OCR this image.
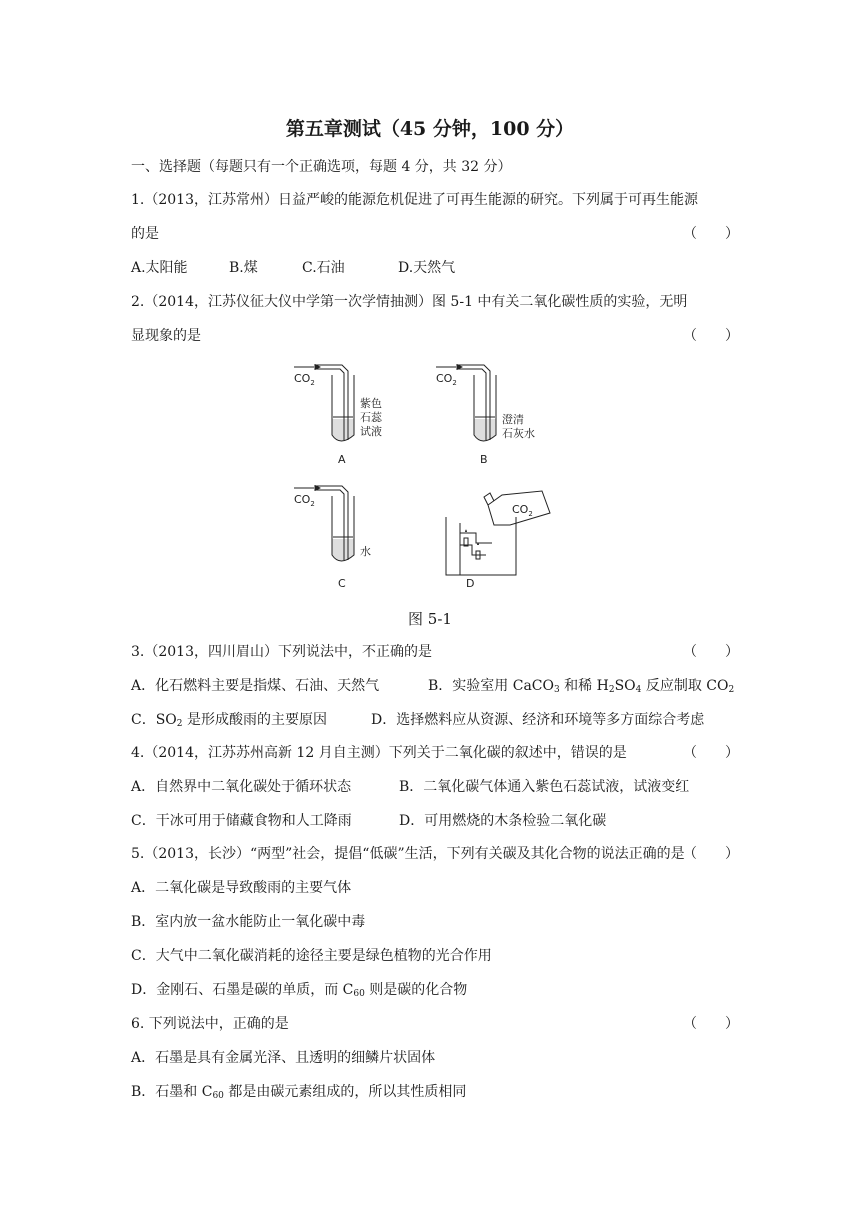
第五章测试（45 分钟，100 分）
一、选择题（每题只有一个正确选项，每题 4 分，共 32 分）
1.（2013，江苏常州）日益严峻的能源危机促进了可再生能源的研究。下列属于可再生能源
的是	（　　）
A.太阳能	B.煤	C.石油	D.天然气
2.（2014，江苏仪征大仪中学第一次学情抽测）图 5-1 中有关二氧化碳性质的实验，无明
显现象的是	（　　）
$CO_2$
紫色
石蕊
试液
A
$CO_2$
澄清
石灰水
B
$CO_2$
水
C
$CO_2$
D
图 5-1
3.（2013，四川眉山）下列说法中，不正确的是	（　　）
A．化石燃料主要是指煤、石油、天然气	B．实验室用 CaCO$_3$ 和稀 $H_2SO_4$ 反应制取 $CO_2$
C．$SO_2$ 是形成酸雨的主要原因	D．选择燃料应从资源、经济和环境等多方面综合考虑
4.（2014，江苏苏州高新 12 月自主测）下列关于二氧化碳的叙述中，错误的是	（　　）
A．自然界中二氧化碳处于循环状态	B．二氧化碳气体通入紫色石蕊试液，试液变红
C．干冰可用于储藏食物和人工降雨	D．可用燃烧的木条检验二氧化碳
5.（2013，长沙）“两型”社会，提倡“低碳”生活，下列有关碳及其化合物的说法正确的是
（　　）
A．二氧化碳是导致酸雨的主要气体
B．室内放一盆水能防止一氧化碳中毒
C．大气中二氧化碳消耗的途径主要是绿色植物的光合作用
D．金刚石、石墨是碳的单质，而 $C_{60}$ 则是碳的化合物
6. 下列说法中，正确的是	（　　）
A．石墨是具有金属光泽、且透明的细鳞片状固体
B．石墨和 $C_{60}$ 都是由碳元素组成的，所以其性质相同
